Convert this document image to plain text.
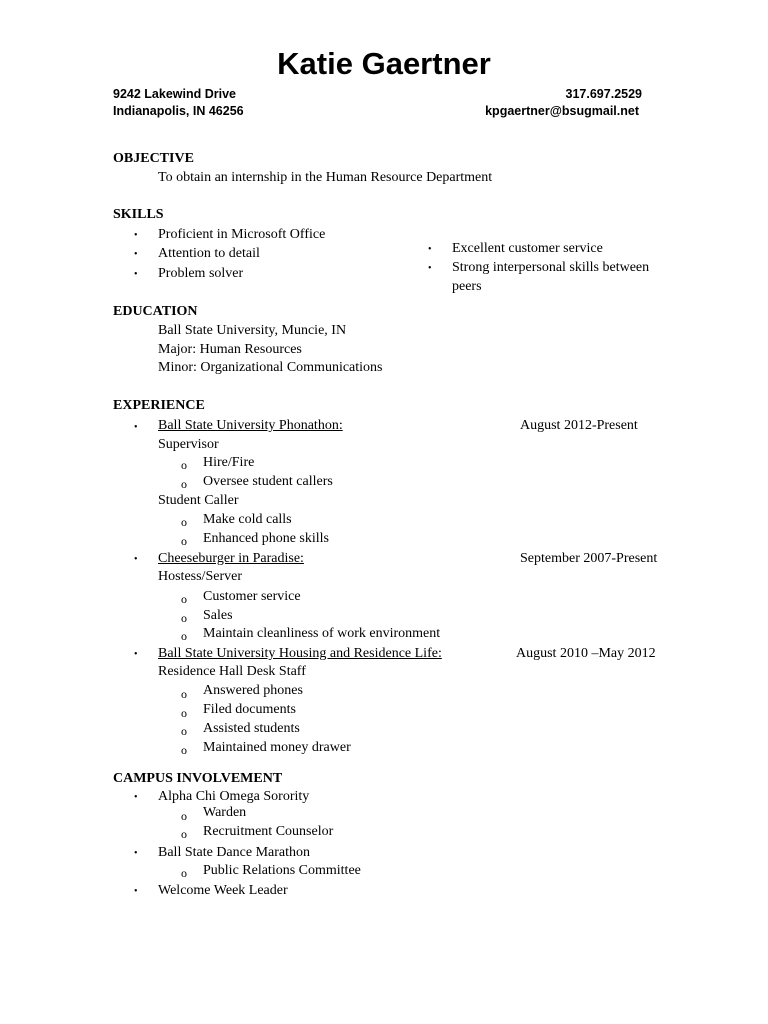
Katie Gaertner
9242 Lakewind Drive
Indianapolis, IN 46256
317.697.2529
kpgaertner@bsugmail.net
OBJECTIVE
To obtain an internship in the Human Resource Department
SKILLS
• Proficient in Microsoft Office
• Attention to detail
• Problem solver
• Excellent customer service
• Strong interpersonal skills between
peers
EDUCATION
Ball State University, Muncie, IN
Major: Human Resources
Minor: Organizational Communications
EXPERIENCE
• Ball State University Phonathon:	August 2012-Present
Supervisor
o Hire/Fire
o Oversee student callers
Student Caller
o Make cold calls
o Enhanced phone skills
• Cheeseburger in Paradise:	September 2007-Present
Hostess/Server
o Customer service
o Sales
o Maintain cleanliness of work environment
• Ball State University Housing and Residence Life:	August 2010 –May 2012
Residence Hall Desk Staff
o Answered phones
o Filed documents
o Assisted students
o Maintained money drawer
CAMPUS INVOLVEMENT
• Alpha Chi Omega Sorority
o Warden
o Recruitment Counselor
• Ball State Dance Marathon
o Public Relations Committee
• Welcome Week Leader
